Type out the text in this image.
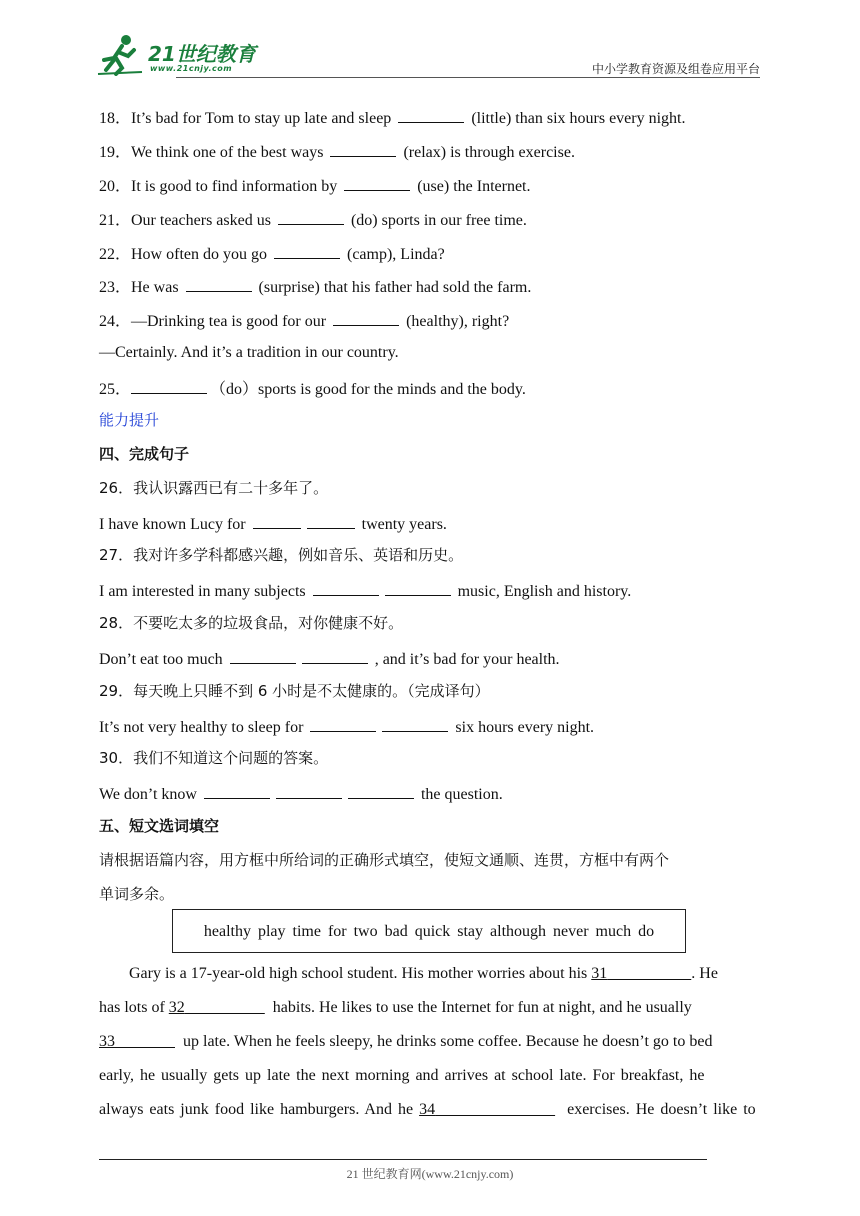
21世纪教育
www.21cnjy.com	中小学教育资源及组卷应用平台
18．It’s bad for Tom to stay up late and sleep	(little) than six hours every night.
19．We think one of the best ways	(relax) is through exercise.
20．It is good to find information by	(use) the Internet.
21．Our teachers asked us	(do) sports in our free time.
22．How often do you go	(camp), Linda?
23．He was	(surprise) that his father had sold the farm.
24．—Drinking tea is good for our	(healthy), right?
—Certainly. And it’s a tradition in our country.
25．	（do）sports is good for the minds and the body.
能力提升
四、完成句子
26．我认识露西已有二十多年了。
I have known Lucy for	twenty years.
27．我对许多学科都感兴趣，例如音乐、英语和历史。
I am interested in many subjects	music, English and history.
28．不要吃太多的垃圾食品，对你健康不好。
Don’t eat too much	, and it’s bad for your health.
29．每天晚上只睡不到 6 小时是不太健康的。（完成译句）
It’s not very healthy to sleep for	six hours every night.
30．我们不知道这个问题的答案。
We don’t know	the question.
五、短文选词填空
请根据语篇内容，用方框中所给词的正确形式填空，使短文通顺、连贯，方框中有两个
单词多余。
healthy play time for two bad quick stay although never much do
Gary is a 17-year-old high school student. His mother worries about his 31	. He
has lots of 32	habits. He likes to use the Internet for fun at night, and he usually
33	up late. When he feels sleepy, he drinks some coffee. Because he doesn’t go to bed
early, he usually gets up late the next morning and arrives at school late. For breakfast, he
always eats junk food like hamburgers. And he 34	exercises. He doesn’t like to
21 世纪教育网(www.21cnjy.com)
